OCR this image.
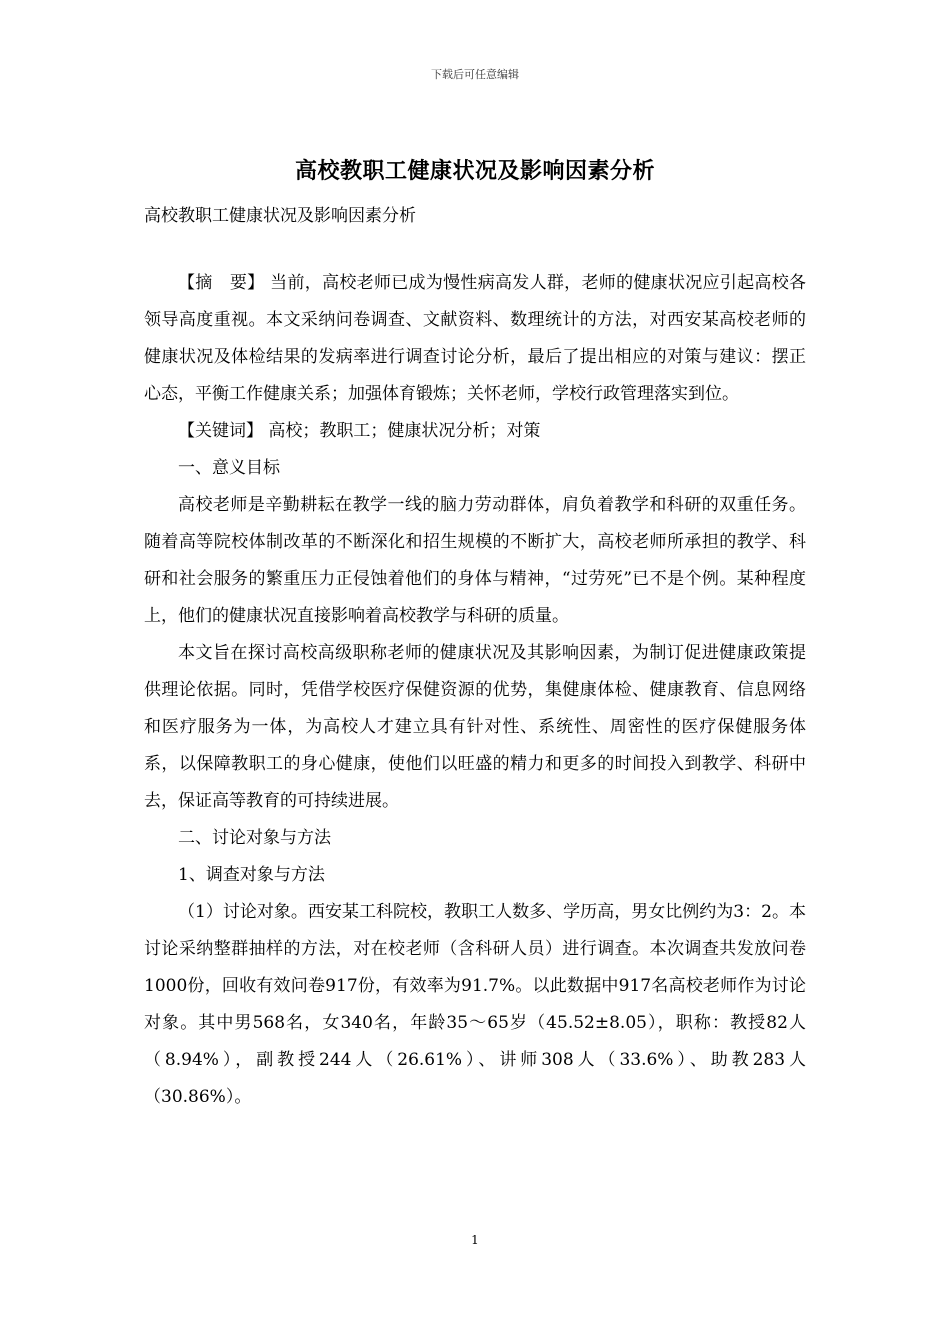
下载后可任意编辑
高校教职工健康状况及影响因素分析
高校教职工健康状况及影响因素分析

【摘　要】 当前，高校老师已成为慢性病高发人群，老师的健康状况应引起高校各领导高度重视。本文采纳问卷调查、文献资料、数理统计的方法，对西安某高校老师的健康状况及体检结果的发病率进行调查讨论分析，最后了提出相应的对策与建议：摆正心态，平衡工作健康关系；加强体育锻炼；关怀老师，学校行政管理落实到位。

【关键词】 高校；教职工；健康状况分析；对策

一、意义目标

高校老师是辛勤耕耘在教学一线的脑力劳动群体，肩负着教学和科研的双重任务。随着高等院校体制改革的不断深化和招生规模的不断扩大，高校老师所承担的教学、科研和社会服务的繁重压力正侵蚀着他们的身体与精神，“过劳死”已不是个例。某种程度上，他们的健康状况直接影响着高校教学与科研的质量。

本文旨在探讨高校高级职称老师的健康状况及其影响因素，为制订促进健康政策提供理论依据。同时，凭借学校医疗保健资源的优势，集健康体检、健康教育、信息网络和医疗服务为一体，为高校人才建立具有针对性、系统性、周密性的医疗保健服务体系，以保障教职工的身心健康，使他们以旺盛的精力和更多的时间投入到教学、科研中去，保证高等教育的可持续进展。

二、讨论对象与方法

1、调查对象与方法

（1）讨论对象。西安某工科院校，教职工人数多、学历高，男女比例约为3：2。本讨论采纳整群抽样的方法，对在校老师（含科研人员）进行调查。本次调查共发放问卷1000份，回收有效问卷917份，有效率为91.7%。以此数据中917名高校老师作为讨论对象。其中男568名，女340名，年龄35～65岁（45.52±8.05），职称：教授82人（8.94%），副教授244人（26.61%）、讲师308人（33.6%）、助教283人（30.86%）。

1
